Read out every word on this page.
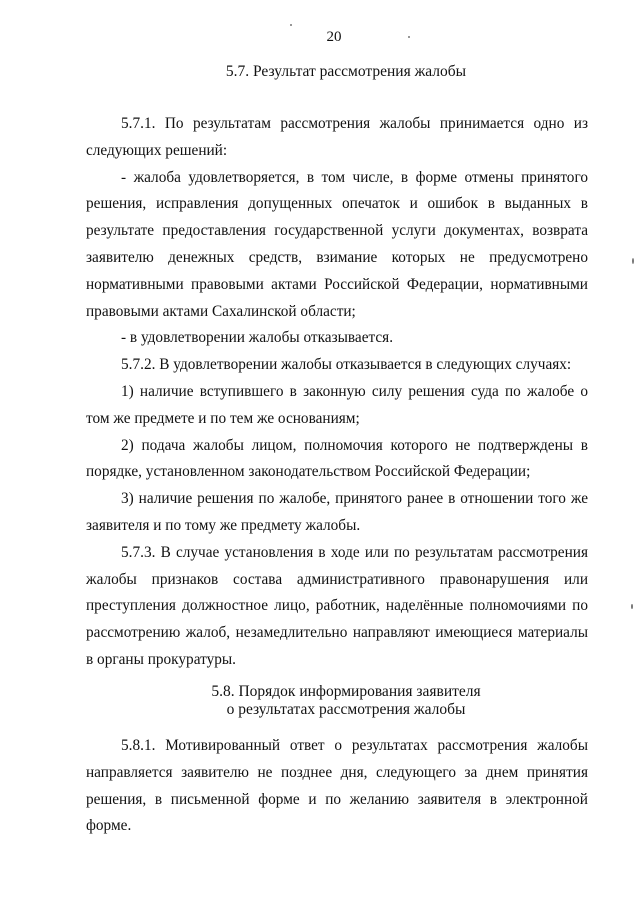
20
5.7. Результат рассмотрения жалобы

5.7.1. По результатам рассмотрения жалобы принимается одно из следующих решений:

- жалоба удовлетворяется, в том числе, в форме отмены принятого решения, исправления допущенных опечаток и ошибок в выданных в результате предоставления государственной услуги документах, возврата заявителю денежных средств, взимание которых не предусмотрено нормативными правовыми актами Российской Федерации, нормативными правовыми актами Сахалинской области;

- в удовлетворении жалобы отказывается.

5.7.2. В удовлетворении жалобы отказывается в следующих случаях:

1) наличие вступившего в законную силу решения суда по жалобе о том же предмете и по тем же основаниям;

2) подача жалобы лицом, полномочия которого не подтверждены в порядке, установленном законодательством Российской Федерации;

3) наличие решения по жалобе, принятого ранее в отношении того же заявителя и по тому же предмету жалобы.

5.7.3. В случае установления в ходе или по результатам рассмотрения жалобы признаков состава административного правонарушения или преступления должностное лицо, работник, наделённые полномочиями по рассмотрению жалоб, незамедлительно направляют имеющиеся материалы в органы прокуратуры.

5.8. Порядок информирования заявителя
о результатах рассмотрения жалобы

5.8.1. Мотивированный ответ о результатах рассмотрения жалобы направляется заявителю не позднее дня, следующего за днем принятия решения, в письменной форме и по желанию заявителя в электронной форме.
